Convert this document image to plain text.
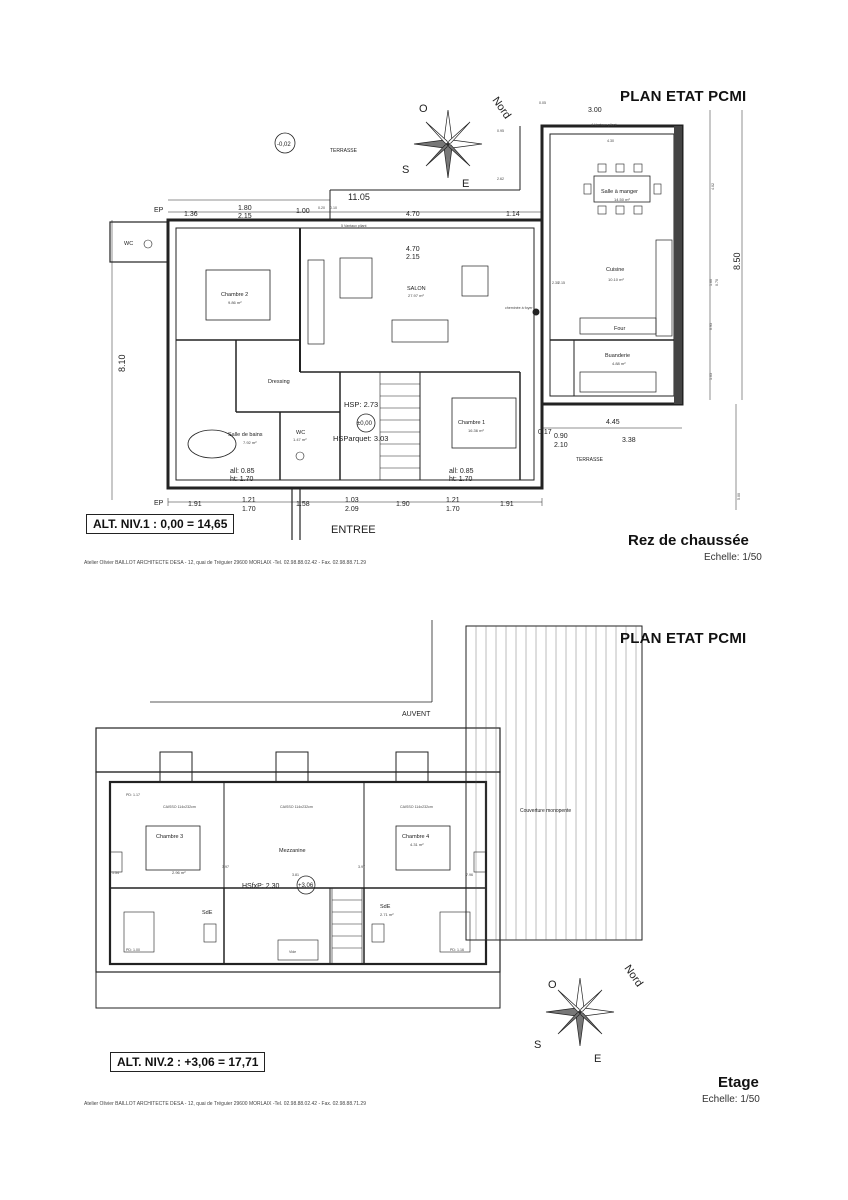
PLAN ETAT PCMI
Chambre 2
9.86 m²
SALON
27.97 m²
Salle à manger
14.50 m²
Cuisine
10.10 m²
Buanderie
4.88 m²
Four
Dressing
Salle de bains
7.92 m²
WC
1.47 m²
WC
Chambre 1
16.36 m²
cheminée à foyer
HSP: 2.73
HSParquet: 3.03
±0,00
-0,02
5 Vantaux pliant
4 Vantaux pliant
TERRASSE
TERRASSE
ENTREE
all: 0.85 ht: 1.70
all: 0.85 ht: 1.70
1.36
1.80
2.15
1.00
11.05
4.70	1.14
0.20 0.10
4.70
2.15
3.00
4.30
0.05
2.62
0.95
2.30 2.15
EP
EP
8.10
8.50
4.02
5.00
1.60 0.70
0.93
1.03
4.45
0.17
0.90
2.10
3.38
1.91
1.21
1.70
1.58
1.03
2.09
1.90
1.21
1.70
1.91
Nord
O
S
E
AUVENT
Couverture monopente
Chambre 3
2.96 m²
Mezzanine
Chambre 4
4.31 m²
SdE
SdE
2.71 m²
HSfxP: 2.30	+3,06
Vide
CAISSO 114x232cm	CAISSO 114x232cm	CAISSO 114x232cm
PD: 1.17
PD: 1.00	PD: 1.16
1.54
3.97
3.81
3.97
7.96
Nord
O
S
E
ALT. NIV.1 : 0,00 = 14,65
Rez de chaussée
Echelle: 1/50
Atelier Olivier BAILLOT ARCHITECTE DESA - 12, quai de Tréguier 29600 MORLAIX -Tel. 02.98.88.02.42 - Fax. 02.98.88.71.29
PLAN ETAT PCMI
ALT. NIV.2 : +3,06 = 17,71
Etage
Echelle: 1/50
Atelier Olivier BAILLOT ARCHITECTE DESA - 12, quai de Tréguier 29600 MORLAIX -Tel. 02.98.88.02.42 - Fax. 02.98.88.71.29
